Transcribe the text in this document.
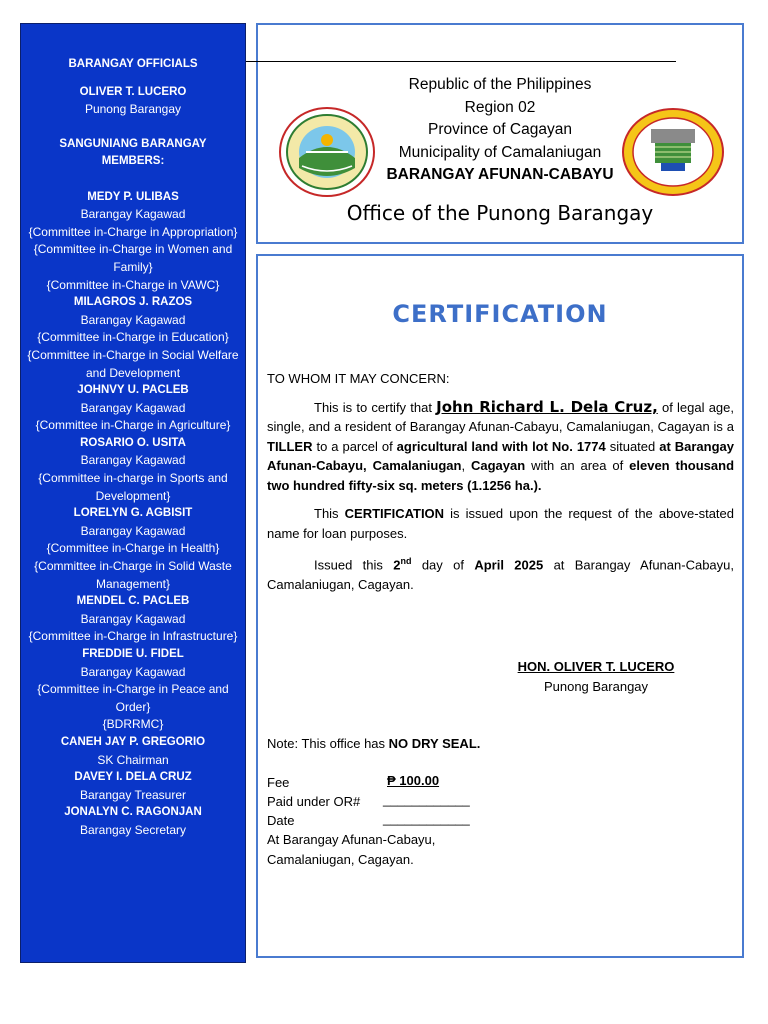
BARANGAY OFFICIALS
OLIVER T. LUCERO
Punong Barangay
SANGUNIANG BARANGAY
MEMBERS:
MEDY P. ULIBAS
Barangay Kagawad
{Committee in-Charge in Appropriation}
{Committee in-Charge in Women and Family}
{Committee in-Charge in VAWC}
MILAGROS J. RAZOS
Barangay Kagawad
{Committee in-Charge in Education}
{Committee in-Charge in Social Welfare and Development
JOHNVY U. PACLEB
Barangay Kagawad
{Committee in-Charge in Agriculture}
ROSARIO O. USITA
Barangay Kagawad
{Committee in-charge in Sports and Development}
LORELYN G. AGBISIT
Barangay Kagawad
{Committee in-Charge in Health}
{Committee in-Charge in Solid Waste Management}
MENDEL C. PACLEB
Barangay Kagawad
{Committee in-Charge in Infrastructure}
FREDDIE U. FIDEL
Barangay Kagawad
{Committee in-Charge in Peace and Order}
{BDRRMC}
CANEH JAY P. GREGORIO
SK Chairman
DAVEY I. DELA CRUZ
Barangay Treasurer
JONALYN C. RAGONJAN
Barangay Secretary
Republic of the Philippines
Region 02
Province of Cagayan
Municipality of Camalaniugan
BARANGAY AFUNAN-CABAYU
Office of the Punong Barangay
CERTIFICATION
TO WHOM IT MAY CONCERN:

This is to certify that John Richard L. Dela Cruz, of legal age, single, and a resident of Barangay Afunan-Cabayu, Camalaniugan, Cagayan is a TILLER to a parcel of agricultural land with lot No. 1774 situated at Barangay Afunan-Cabayu, Camalaniugan, Cagayan with an area of eleven thousand two hundred fifty-six sq. meters (1.1256 ha.).

This CERTIFICATION is issued upon the request of the above-stated name for loan purposes.

Issued this 2nd day of April 2025 at Barangay Afunan-Cabayu, Camalaniugan, Cagayan.

HON. OLIVER T. LUCERO
Punong Barangay
Note: This office has NO DRY SEAL.
Fee	₱ 100.00
Paid under OR# ____________
Date	____________
At Barangay Afunan-Cabayu,
Camalaniugan, Cagayan.
